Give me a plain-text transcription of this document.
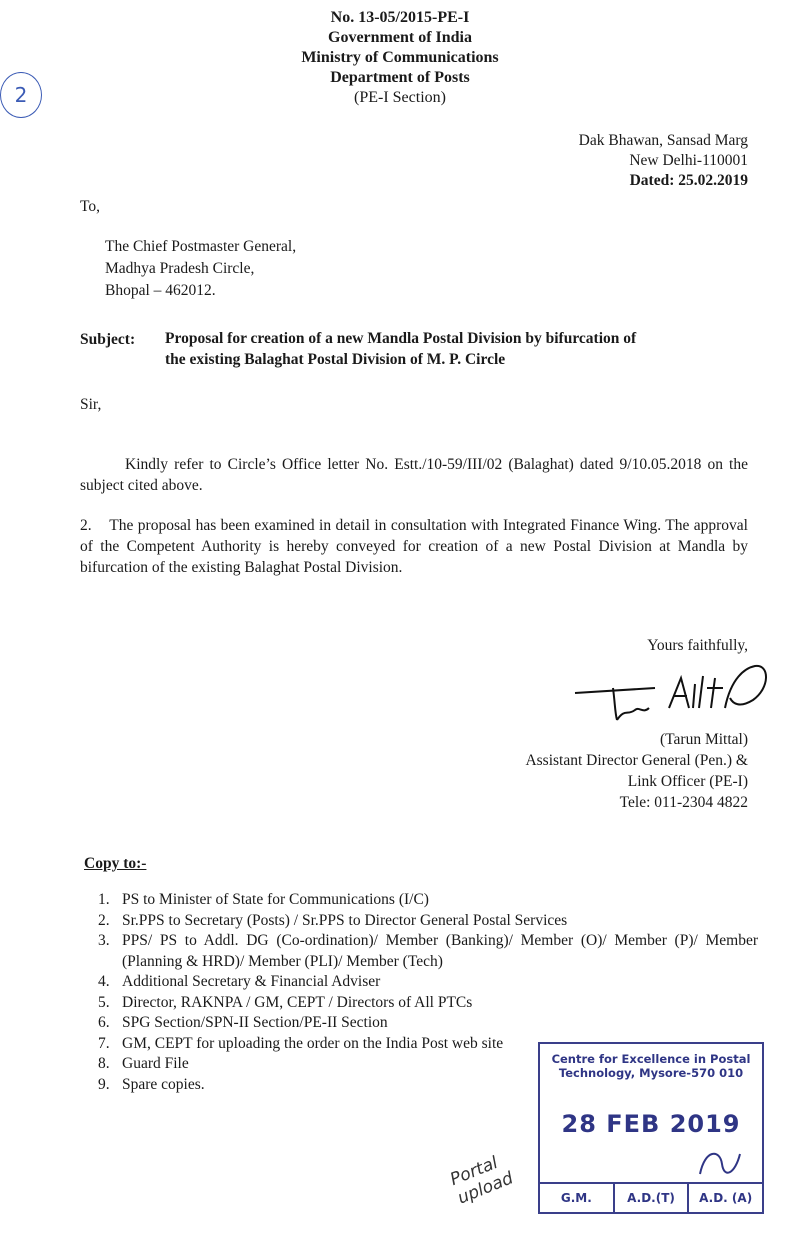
2
No. 13-05/2015-PE-I
Government of India
Ministry of Communications
Department of Posts
(PE-I Section)
Dak Bhawan, Sansad Marg
New Delhi-110001
Dated: 25.02.2019
To,
The Chief Postmaster General,
Madhya Pradesh Circle,
Bhopal – 462012.
Subject: Proposal for creation of a new Mandla Postal Division by bifurcation of
the existing Balaghat Postal Division of M. P. Circle
Sir,
Kindly refer to Circle’s Office letter No. Estt./10-59/III/02 (Balaghat) dated 9/10.05.2018 on the subject cited above.
2.    The proposal has been examined in detail in consultation with Integrated Finance Wing. The approval of the Competent Authority is hereby conveyed for creation of a new Postal Division at Mandla by bifurcation of the existing Balaghat Postal Division.
Yours faithfully,
(Tarun Mittal)
Assistant Director General (Pen.) &
Link Officer (PE-I)
Tele: 011-2304 4822
Copy to:-
1. PS to Minister of State for Communications (I/C)
2. Sr.PPS to Secretary (Posts) / Sr.PPS to Director General Postal Services
3. PPS/ PS to Addl. DG (Co-ordination)/ Member (Banking)/ Member (O)/ Member (P)/ Member (Planning & HRD)/ Member (PLI)/ Member (Tech)
4. Additional Secretary & Financial Adviser
5. Director, RAKNPA / GM, CEPT / Directors of All PTCs
6. SPG Section/SPN-II Section/PE-II Section
7. GM, CEPT for uploading the order on the India Post web site
8. Guard File
9. Spare copies.
Centre for Excellence in Postal Technology, Mysore-570 010
28 FEB 2019
G.M.	A.D.(T)	A.D. (A)
Portal upload
